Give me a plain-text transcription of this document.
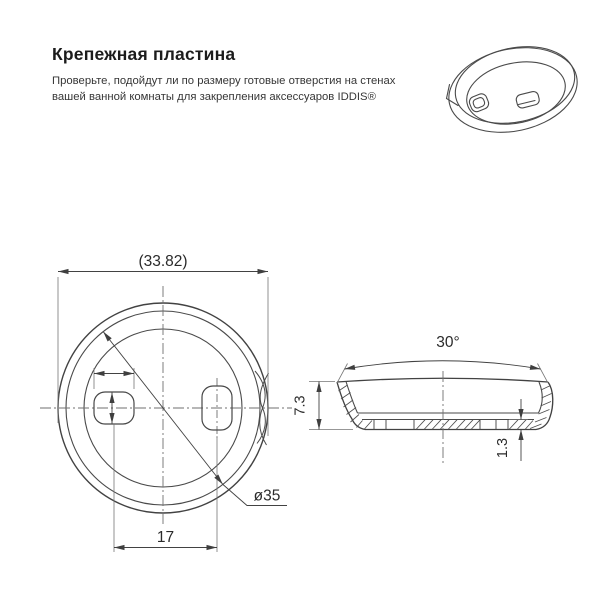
Крепежная пластина
Проверьте, подойдут ли по размеру готовые отверстия на стенах
вашей ванной комнаты для закрепления аксессуаров IDDIS®
(33.82)
17
ø35
30°
7.3
1.3
